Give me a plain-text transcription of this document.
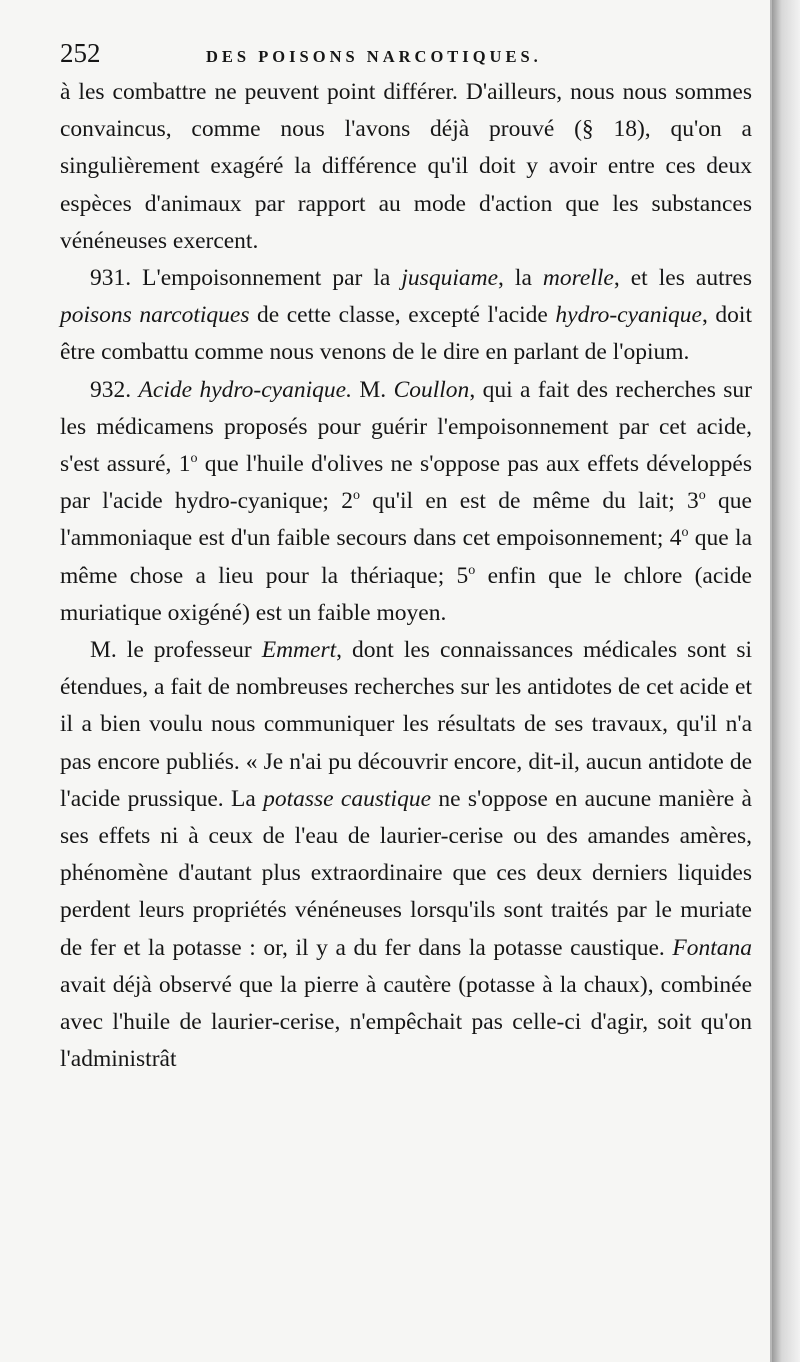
252	DES POISONS NARCOTIQUES.

à les combattre ne peuvent point différer. D'ailleurs, nous nous sommes convaincus, comme nous l'avons déjà prouvé (§ 18), qu'on a singulièrement exagéré la différence qu'il doit y avoir entre ces deux espèces d'animaux par rapport au mode d'action que les substances vénéneuses exercent.

931. L'empoisonnement par la jusquiame, la morelle, et les autres poisons narcotiques de cette classe, excepté l'acide hydro-cyanique, doit être combattu comme nous venons de le dire en parlant de l'opium.

932. Acide hydro-cyanique. M. Coullon, qui a fait des recherches sur les médicamens proposés pour guérir l'empoisonnement par cet acide, s'est assuré, 1$^o$ que l'huile d'olives ne s'oppose pas aux effets développés par l'acide hydro-cyanique; 2$^o$ qu'il en est de même du lait; 3$^o$ que l'ammoniaque est d'un faible secours dans cet empoisonnement; 4$^o$ que la même chose a lieu pour la thériaque; 5$^o$ enfin que le chlore (acide muriatique oxigéné) est un faible moyen.

M. le professeur Emmert, dont les connaissances médicales sont si étendues, a fait de nombreuses recherches sur les antidotes de cet acide et il a bien voulu nous communiquer les résultats de ses travaux, qu'il n'a pas encore publiés. « Je n'ai pu découvrir encore, dit-il, aucun antidote de l'acide prussique. La potasse caustique ne s'oppose en aucune manière à ses effets ni à ceux de l'eau de laurier-cerise ou des amandes amères, phénomène d'autant plus extraordinaire que ces deux derniers liquides perdent leurs propriétés vénéneuses lorsqu'ils sont traités par le muriate de fer et la potasse : or, il y a du fer dans la potasse caustique. Fontana avait déjà observé que la pierre à cautère (potasse à la chaux), combinée avec l'huile de laurier-cerise, n'empêchait pas celle-ci d'agir, soit qu'on l'administrât
